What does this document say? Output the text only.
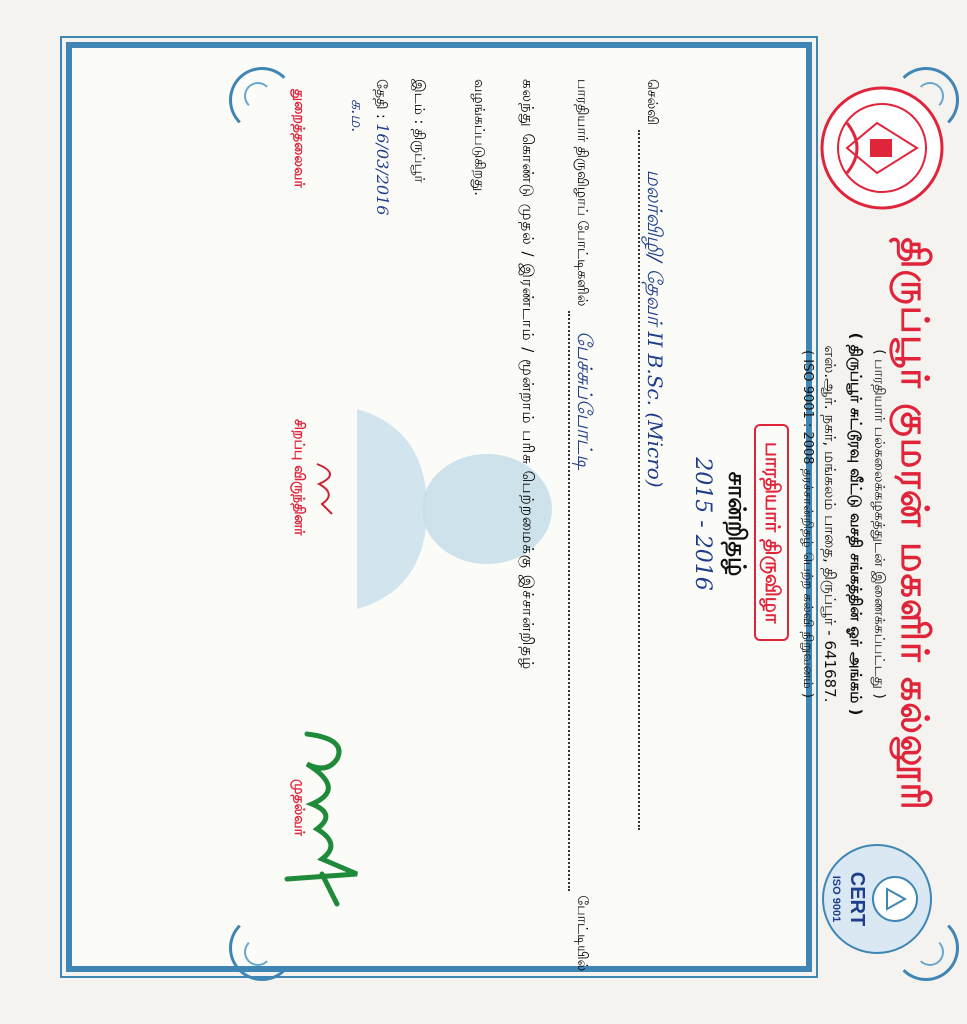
திருப்பூர் குமரன் மகளிர் கல்லூரி
( பாரதியார் பல்கலைக்கழகத்துடன் இணைக்கப்பட்டது )
( திருப்பூர் சுட்டூரவு வீட்டு வசதி சங்கத்தின் ஓர் அங்கம் )
எஸ்.ஆர். நகர், மங்கலம் பாதை, திருப்பூர் - 641687.
( ISO 9001 : 2008 தரச்சான்றிதழ் பெற்ற கல்வி நிறுவனம் )
CERT
ISO 9001
பாரதியார் திருவிழா
சான்றிதழ்
2015 - 2016
செல்வி மலர்விழி/ தேவர் II B.Sc. (Micro)
பாரதியார் திருவிழாப் போட்டிகளில் பேச்சுப்போட்டி போட்டியில்
கலந்து கொண்டு முதல் / இரண்டாம் / மூன்றாம் பரிசு பெற்றமைக்கு இச்சான்றிதழ்
வழங்கப்படுகிறது.
இடம் : திருப்பூர்
தேதி : 16/03/2016
க.ம.
துறைத்தலைவர்
சிறப்பு விருந்தினர்
முதல்வர்
